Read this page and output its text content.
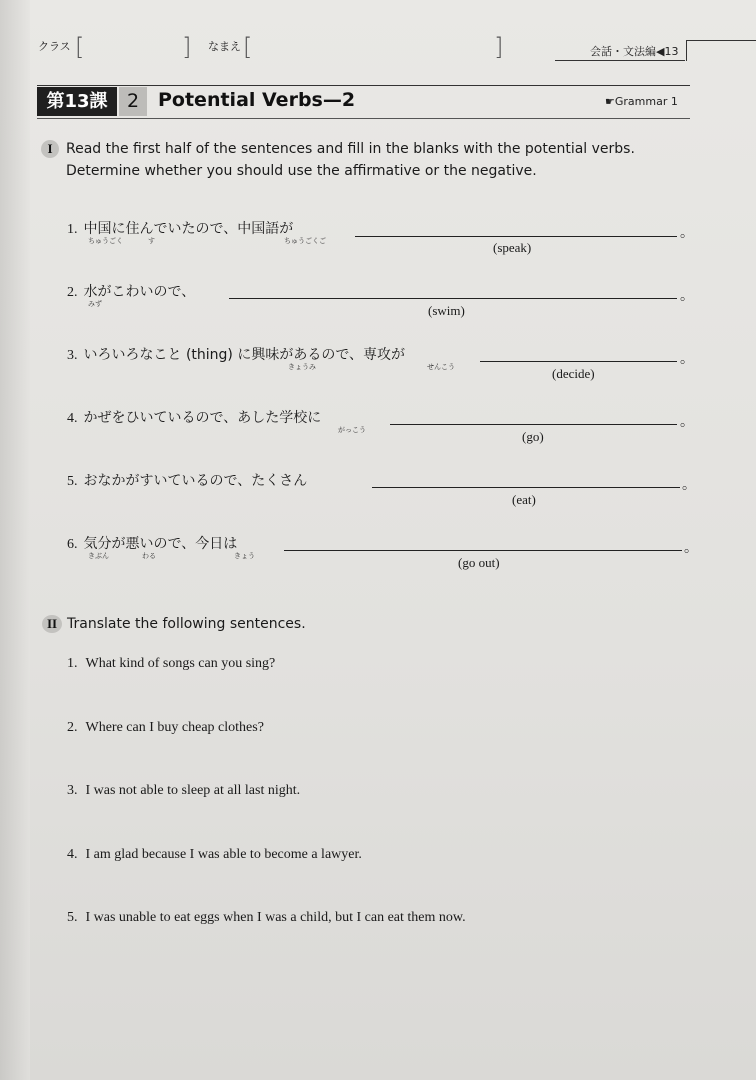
クラス [	] なまえ [	]	会話・文法編◀13
第13課	2 Potential Verbs—2	☛Grammar 1
I Read the first half of the sentences and fill in the blanks with the potential verbs.
Determine whether you should use the affirmative or the negative.
1. 中国に住んでいたので、中国語が
ちゅうごく	す	ちゅうごくご	。
(speak)
2. 水がこわいので、
みず	。
(swim)
3. いろいろなこと (thing) に興味があるので、専攻が
きょうみ	せんこう	。
(decide)
4. かぜをひいているので、あした学校に
がっこう	。
(go)
5. おなかがすいているので、たくさん	。
(eat)
6. 気分が悪いので、今日は
きぶん	わる	きょう	。
(go out)
II Translate the following sentences.
1. What kind of songs can you sing?
2. Where can I buy cheap clothes?
3. I was not able to sleep at all last night.
4. I am glad because I was able to become a lawyer.
5. I was unable to eat eggs when I was a child, but I can eat them now.
